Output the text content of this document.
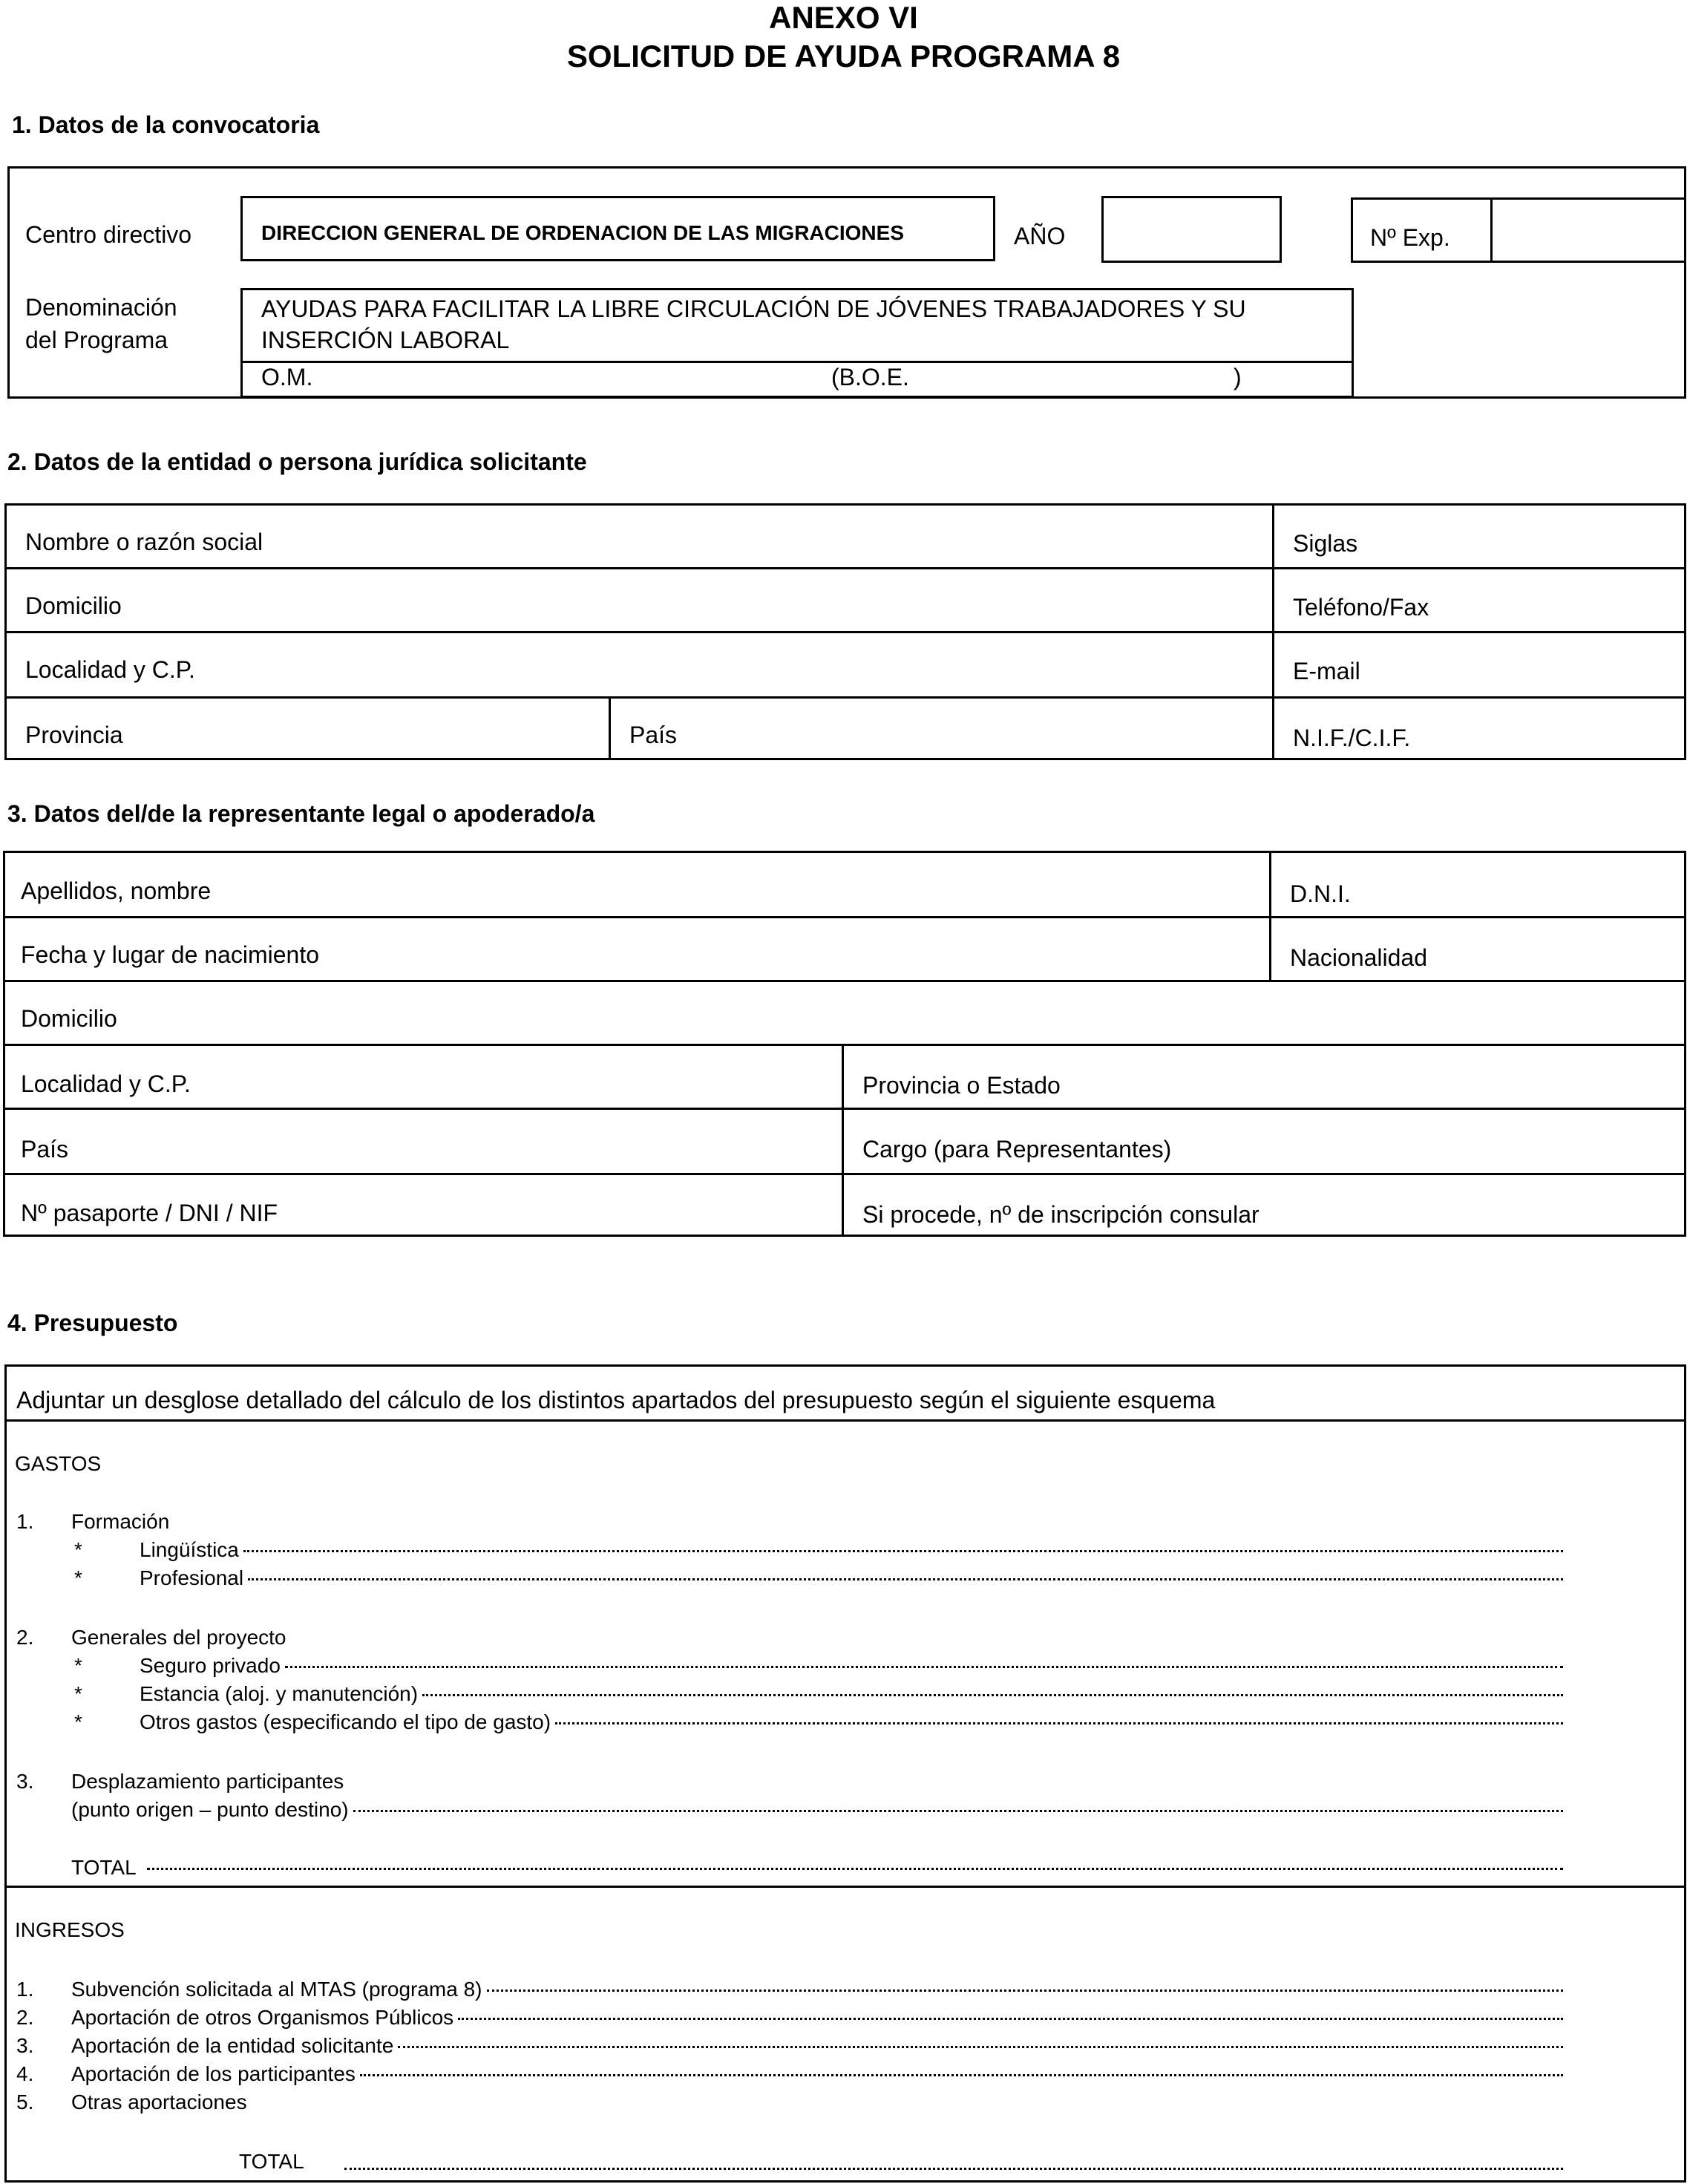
ANEXO VI
SOLICITUD DE AYUDA PROGRAMA 8
1. Datos de la convocatoria
Centro directivo	DIRECCION GENERAL DE ORDENACION DE LAS MIGRACIONES	AÑO	Nº Exp.
Denominación
del Programa
AYUDAS PARA FACILITAR LA LIBRE CIRCULACIÓN DE JÓVENES TRABAJADORES Y SU
INSERCIÓN LABORAL
O.M.	(B.O.E.	)
2. Datos de la entidad o persona jurídica solicitante
Nombre o razón social	Siglas
Domicilio	Teléfono/Fax
Localidad y C.P.	E-mail
Provincia	País	N.I.F./C.I.F.
3. Datos del/de la representante legal o apoderado/a
Apellidos, nombre	D.N.I.
Fecha y lugar de nacimiento	Nacionalidad
Domicilio
Localidad y C.P.	Provincia o Estado
País	Cargo (para Representantes)
Nº pasaporte / DNI / NIF	Si procede, nº de inscripción consular
4. Presupuesto
Adjuntar un desglose detallado del cálculo de los distintos apartados del presupuesto según el siguiente esquema
GASTOS
1. Formación
*	Lingüística
*	Profesional
2. Generales del proyecto
*	Seguro privado
*	Estancia (aloj. y manutención)
*	Otros gastos (especificando el tipo de gasto)
3. Desplazamiento participantes
(punto origen – punto destino)
TOTAL
INGRESOS
1. Subvención solicitada al MTAS (programa 8)
2. Aportación de otros Organismos Públicos
3. Aportación de la entidad solicitante
4. Aportación de los participantes
5. Otras aportaciones
TOTAL
